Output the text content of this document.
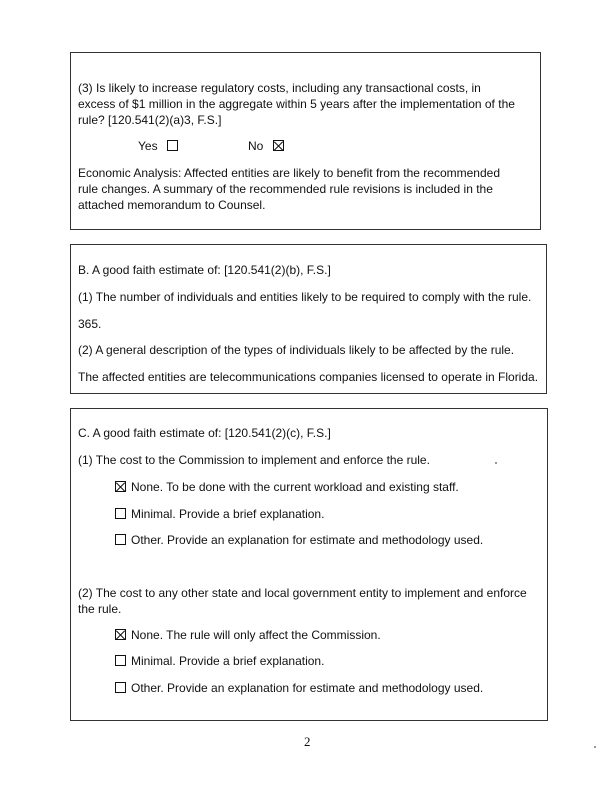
(3) Is likely to increase regulatory costs, including any transactional costs, in excess of $1 million in the aggregate within 5 years after the implementation of the rule? [120.541(2)(a)3, F.S.]
Yes	No
Economic Analysis: Affected entities are likely to benefit from the recommended rule changes. A summary of the recommended rule revisions is included in the attached memorandum to Counsel.
B. A good faith estimate of: [120.541(2)(b), F.S.]
(1) The number of individuals and entities likely to be required to comply with the rule.
365.
(2) A general description of the types of individuals likely to be affected by the rule.
The affected entities are telecommunications companies licensed to operate in Florida.
C. A good faith estimate of: [120.541(2)(c), F.S.]
(1) The cost to the Commission to implement and enforce the rule.
None. To be done with the current workload and existing staff.
Minimal. Provide a brief explanation.
Other. Provide an explanation for estimate and methodology used.
(2) The cost to any other state and local government entity to implement and enforce the rule.
None. The rule will only affect the Commission.
Minimal. Provide a brief explanation.
Other. Provide an explanation for estimate and methodology used.
2
